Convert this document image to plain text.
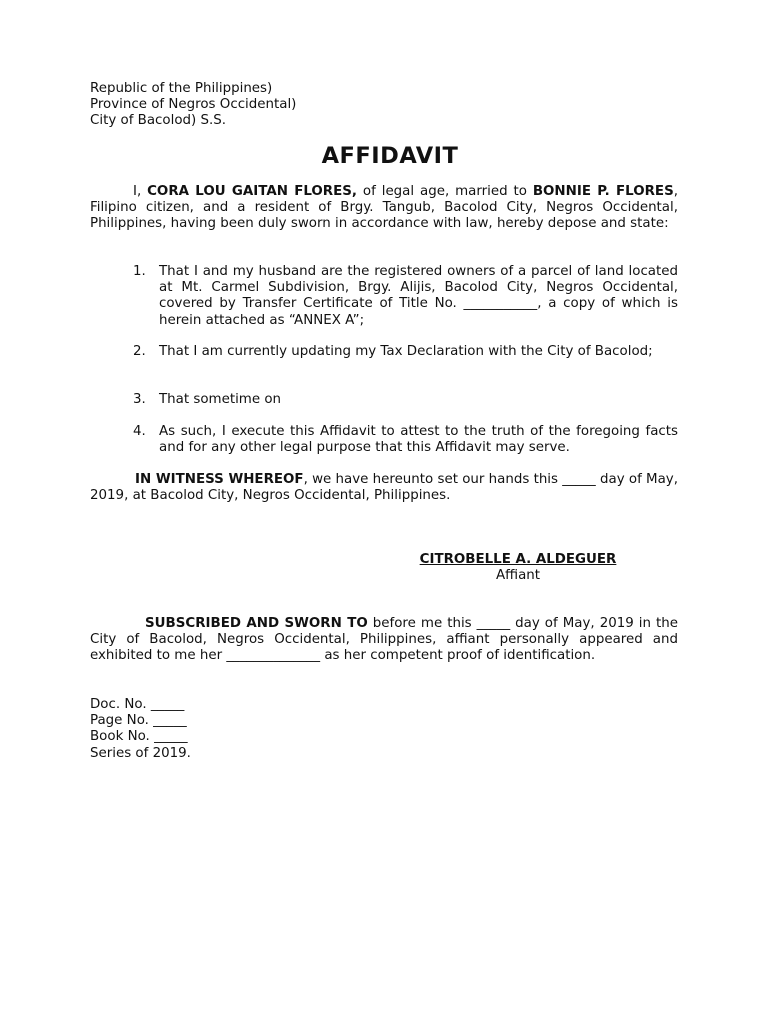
Republic of the Philippines)
Province of Negros Occidental)
City of Bacolod) S.S.
AFFIDAVIT
I, CORA LOU GAITAN FLORES, of legal age, married to BONNIE P. FLORES, Filipino citizen, and a resident of Brgy. Tangub, Bacolod City, Negros Occidental, Philippines, having been duly sworn in accordance with law, hereby depose and state:
1. That I and my husband are the registered owners of a parcel of land located at Mt. Carmel Subdivision, Brgy. Alijis, Bacolod City, Negros Occidental, covered by Transfer Certificate of Title No. ___________, a copy of which is herein attached as “ANNEX A”;
2. That I am currently updating my Tax Declaration with the City of Bacolod;
3. That sometime on
4. As such, I execute this Affidavit to attest to the truth of the foregoing facts and for any other legal purpose that this Affidavit may serve.
IN WITNESS WHEREOF, we have hereunto set our hands this _____ day of May, 2019, at Bacolod City, Negros Occidental, Philippines.
CITROBELLE A. ALDEGUER
Affiant
SUBSCRIBED AND SWORN TO before me this _____ day of May, 2019 in the City of Bacolod, Negros Occidental, Philippines, affiant personally appeared and exhibited to me her ______________ as her competent proof of identification.
Doc. No. _____
Page No. _____
Book No. _____
Series of 2019.
